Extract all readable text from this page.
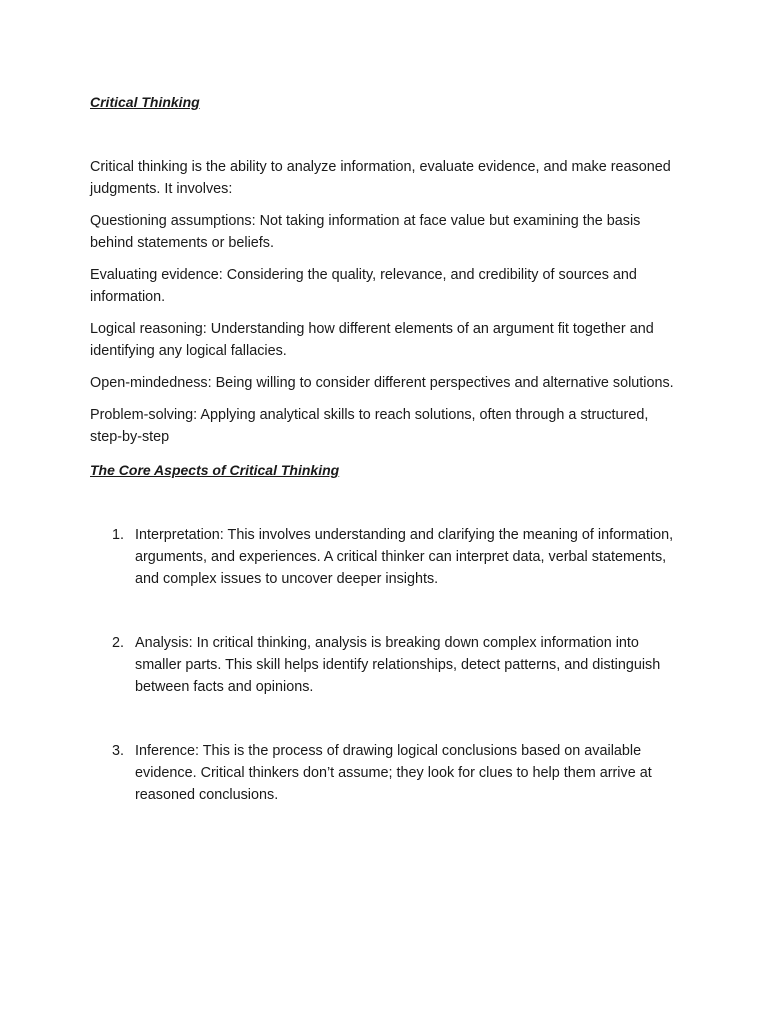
Critical Thinking

Critical thinking is the ability to analyze information, evaluate evidence, and make reasoned judgments. It involves:

Questioning assumptions: Not taking information at face value but examining the basis behind statements or beliefs.

Evaluating evidence: Considering the quality, relevance, and credibility of sources and information.

Logical reasoning: Understanding how different elements of an argument fit together and identifying any logical fallacies.

Open-mindedness: Being willing to consider different perspectives and alternative solutions.

Problem-solving: Applying analytical skills to reach solutions, often through a structured, step-by-step

The Core Aspects of Critical Thinking
1. Interpretation: This involves understanding and clarifying the meaning of information, arguments, and experiences. A critical thinker can interpret data, verbal statements, and complex issues to uncover deeper insights.
2. Analysis: In critical thinking, analysis is breaking down complex information into smaller parts. This skill helps identify relationships, detect patterns, and distinguish between facts and opinions.
3. Inference: This is the process of drawing logical conclusions based on available evidence. Critical thinkers don’t assume; they look for clues to help them arrive at reasoned conclusions.
